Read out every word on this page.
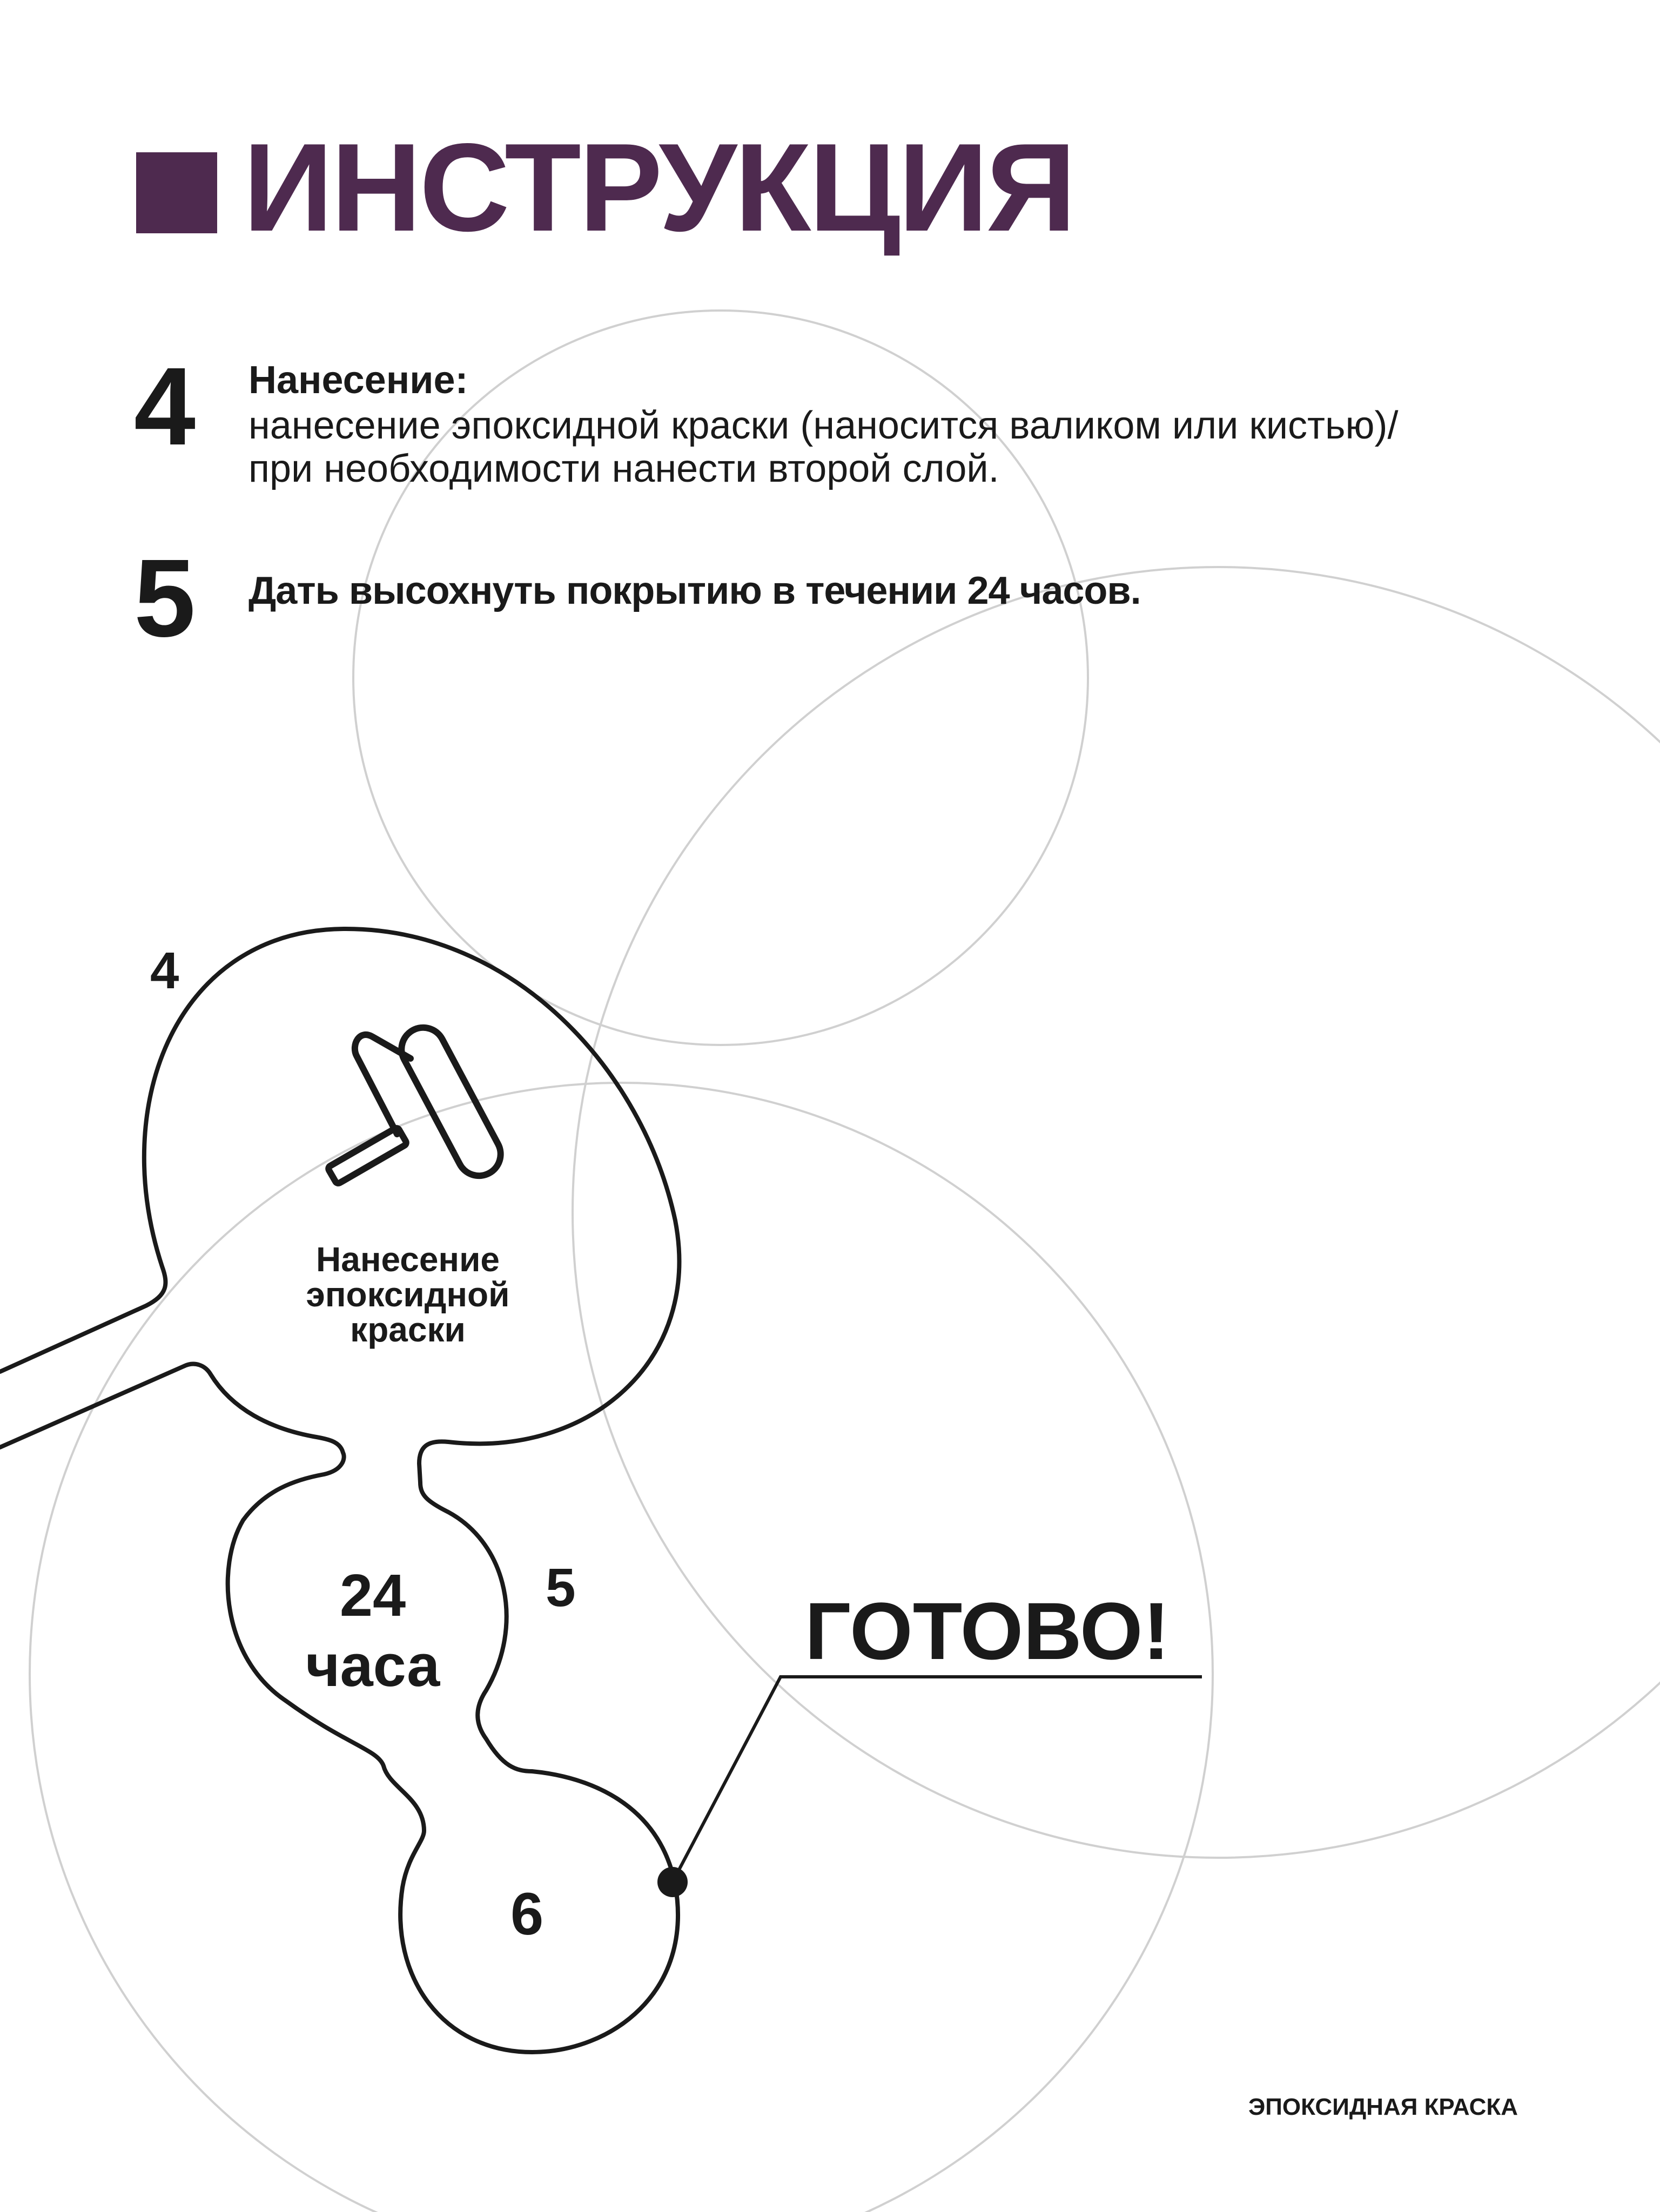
ИНСТРУКЦИЯ
4 Нанесение:
нанесение эпоксидной краски (наносится валиком или кистью)/
при необходимости нанести второй слой.
5 Дать высохнуть покрытию в течении 24 часов.
4
Нанесение
эпоксидной
краски
5
24
часа
6
ГОТОВО!
ЭПОКСИДНАЯ КРАСКА
